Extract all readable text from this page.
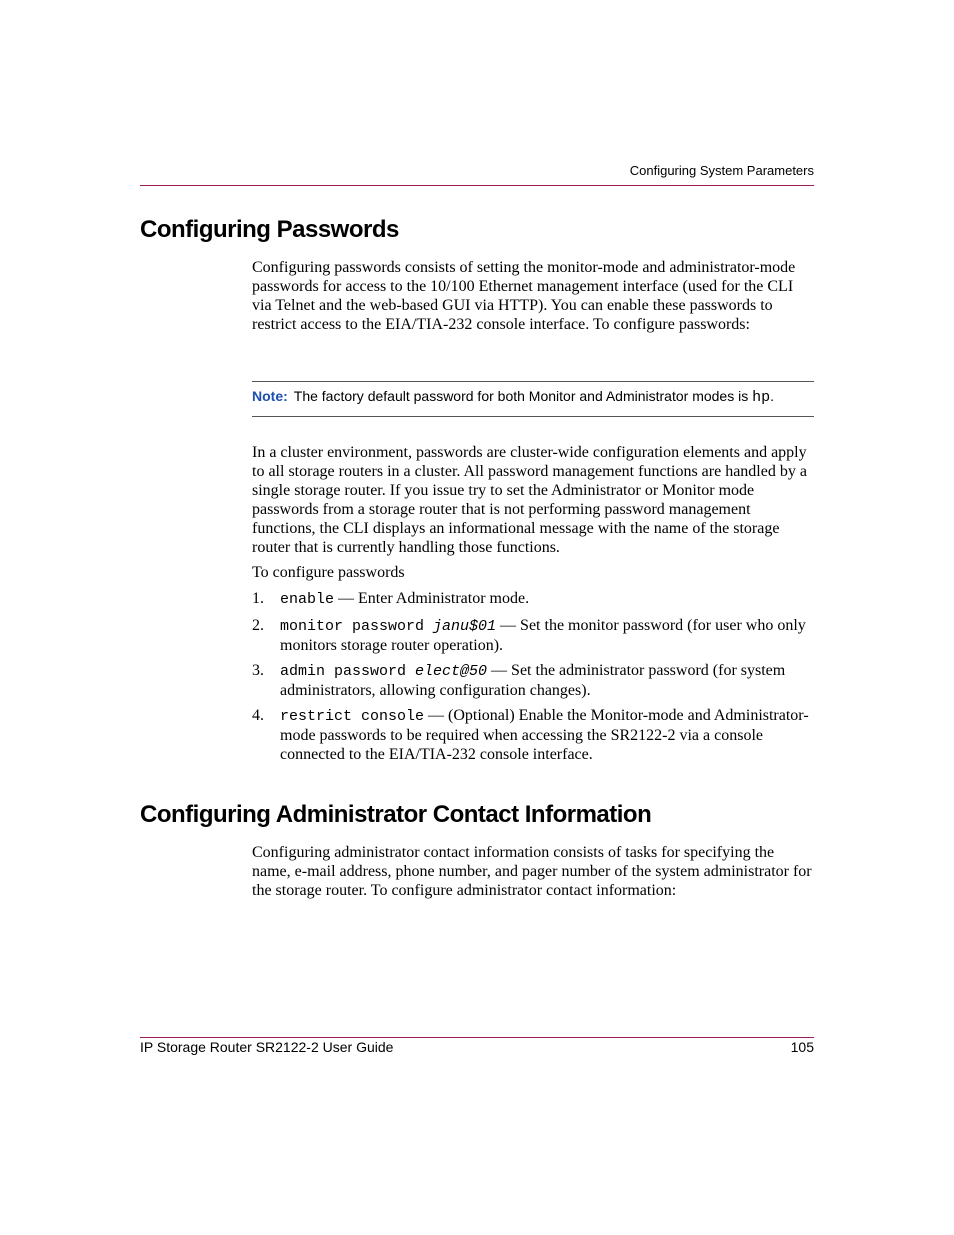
Configuring System Parameters
Configuring Passwords

Configuring passwords consists of setting the monitor-mode and administrator-mode passwords for access to the 10/100 Ethernet management interface (used for the CLI via Telnet and the web-based GUI via HTTP). You can enable these passwords to restrict access to the EIA/TIA-232 console interface. To configure passwords:

Note: The factory default password for both Monitor and Administrator modes is hp.

In a cluster environment, passwords are cluster-wide configuration elements and apply to all storage routers in a cluster. All password management functions are handled by a single storage router. If you issue try to set the Administrator or Monitor mode passwords from a storage router that is not performing password management functions, the CLI displays an informational message with the name of the storage router that is currently handling those functions.

To configure passwords

1. enable — Enter Administrator mode.
2. monitor password janu$01 — Set the monitor password (for user who only monitors storage router operation).
3. admin password elect@50 — Set the administrator password (for system administrators, allowing configuration changes).
4. restrict console — (Optional) Enable the Monitor-mode and Administrator-mode passwords to be required when accessing the SR2122-2 via a console connected to the EIA/TIA-232 console interface.
Configuring Administrator Contact Information

Configuring administrator contact information consists of tasks for specifying the name, e-mail address, phone number, and pager number of the system administrator for the storage router. To configure administrator contact information:

IP Storage Router SR2122-2 User Guide	105
